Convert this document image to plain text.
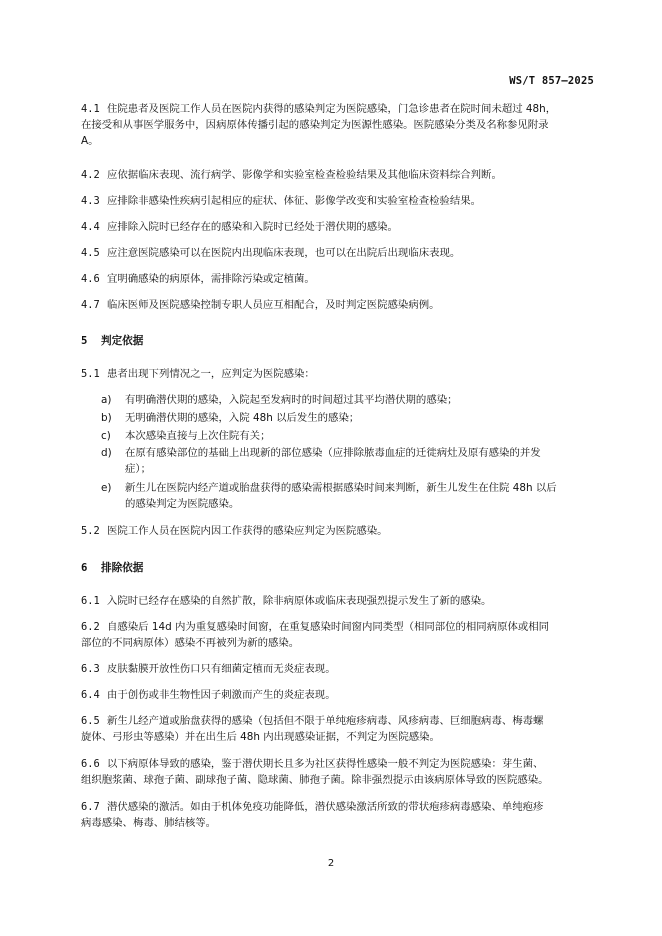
WS/T 857—2025
4.1 住院患者及医院工作人员在医院内获得的感染判定为医院感染，门急诊患者在院时间未超过 48h，
在接受和从事医学服务中，因病原体传播引起的感染判定为医源性感染。医院感染分类及名称参见附录
A。
4.2 应依据临床表现、流行病学、影像学和实验室检查检验结果及其他临床资料综合判断。
4.3 应排除非感染性疾病引起相应的症状、体征、影像学改变和实验室检查检验结果。
4.4 应排除入院时已经存在的感染和入院时已经处于潜伏期的感染。
4.5 应注意医院感染可以在医院内出现临床表现，也可以在出院后出现临床表现。
4.6 宜明确感染的病原体，需排除污染或定植菌。
4.7 临床医师及医院感染控制专职人员应互相配合，及时判定医院感染病例。
5 判定依据
5.1 患者出现下列情况之一，应判定为医院感染：
a)	有明确潜伏期的感染，入院起至发病时的时间超过其平均潜伏期的感染；
b)	无明确潜伏期的感染，入院 48h 以后发生的感染；
c)	本次感染直接与上次住院有关；
d)	在原有感染部位的基础上出现新的部位感染（应排除脓毒血症的迁徙病灶及原有感染的并发
症）；
e)	新生儿在医院内经产道或胎盘获得的感染需根据感染时间来判断，新生儿发生在住院 48h 以后
的感染判定为医院感染。
5.2 医院工作人员在医院内因工作获得的感染应判定为医院感染。
6 排除依据
6.1 入院时已经存在感染的自然扩散，除非病原体或临床表现强烈提示发生了新的感染。
6.2 自感染后 14d 内为重复感染时间窗，在重复感染时间窗内同类型（相同部位的相同病原体或相同
部位的不同病原体）感染不再被列为新的感染。
6.3 皮肤黏膜开放性伤口只有细菌定植而无炎症表现。
6.4 由于创伤或非生物性因子刺激而产生的炎症表现。
6.5 新生儿经产道或胎盘获得的感染（包括但不限于单纯疱疹病毒、风疹病毒、巨细胞病毒、梅毒螺
旋体、弓形虫等感染）并在出生后 48h 内出现感染证据，不判定为医院感染。
6.6 以下病原体导致的感染，鉴于潜伏期长且多为社区获得性感染一般不判定为医院感染：芽生菌、
组织胞浆菌、球孢子菌、副球孢子菌、隐球菌、肺孢子菌。除非强烈提示由该病原体导致的医院感染。
6.7 潜伏感染的激活。如由于机体免疫功能降低，潜伏感染激活所致的带状疱疹病毒感染、单纯疱疹
病毒感染、梅毒、肺结核等。
2
